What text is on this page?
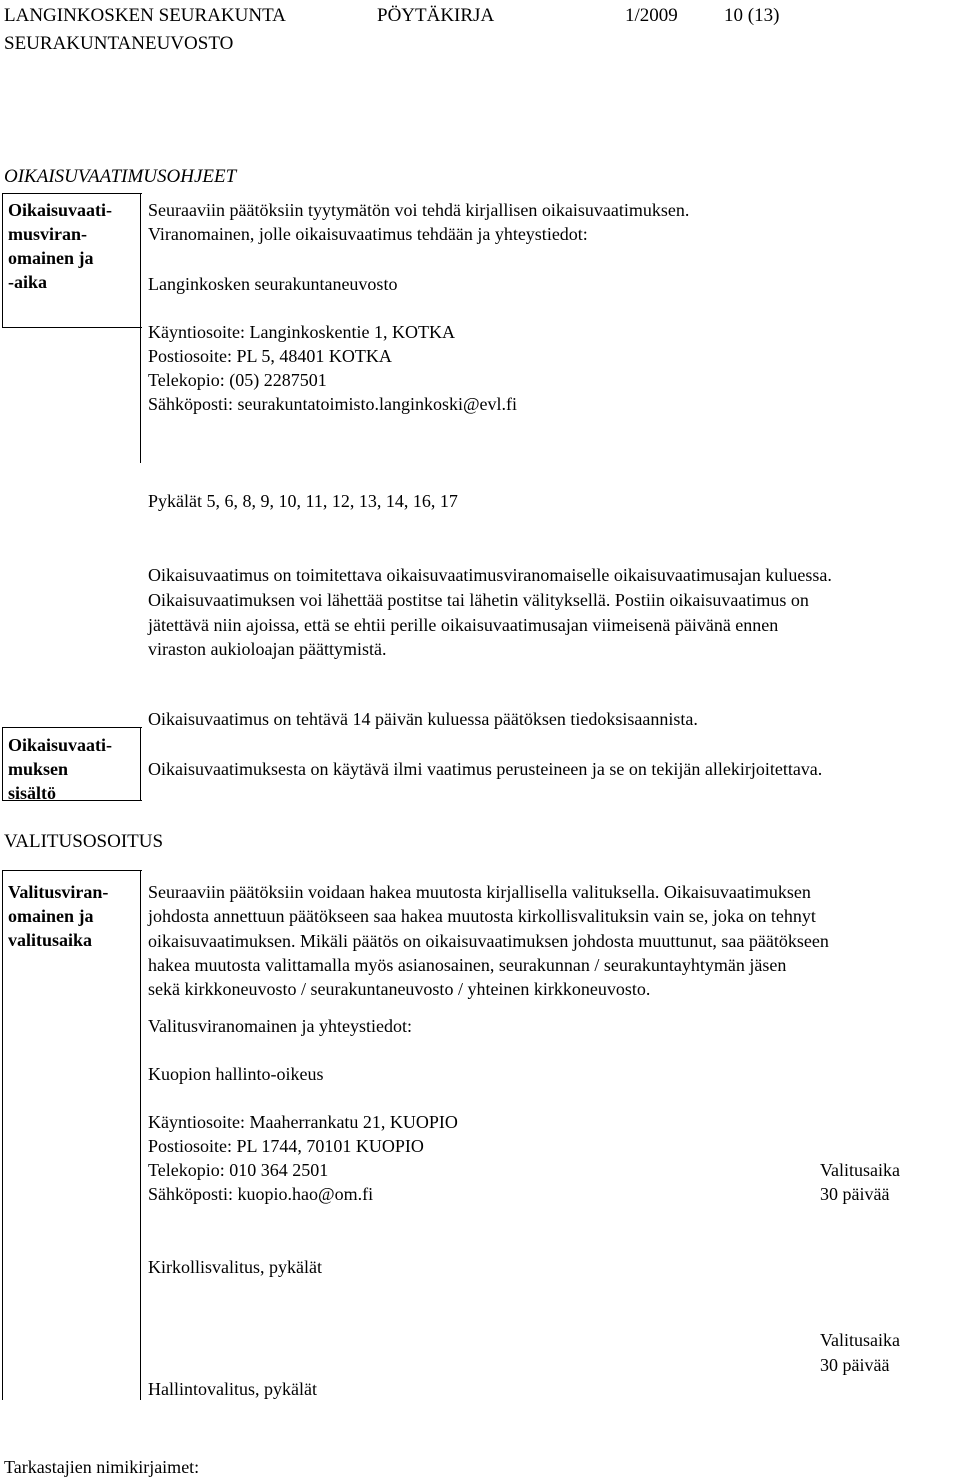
LANGINKOSKEN SEURAKUNTA	PÖYTÄKIRJA	1/2009 10 (13)
SEURAKUNTANEUVOSTO
OIKAISUVAATIMUSOHJEET
Oikaisuvaati-
musviran-
omainen ja
-aika
Seuraaviin päätöksiin tyytymätön voi tehdä kirjallisen oikaisuvaatimuksen.
Viranomainen, jolle oikaisuvaatimus tehdään ja yhteystiedot:
Langinkosken seurakuntaneuvosto
Käyntiosoite: Langinkoskentie 1, KOTKA
Postiosoite: PL 5, 48401 KOTKA
Telekopio: (05) 2287501
Sähköposti: seurakuntatoimisto.langinkoski@evl.fi
Pykälät 5, 6, 8, 9, 10, 11, 12, 13, 14, 16, 17
Oikaisuvaatimus on toimitettava oikaisuvaatimusviranomaiselle oikaisuvaatimusajan kuluessa.
Oikaisuvaatimuksen voi lähettää postitse tai lähetin välityksellä. Postiin oikaisuvaatimus on
jätettävä niin ajoissa, että se ehtii perille oikaisuvaatimusajan viimeisenä päivänä ennen
viraston aukioloajan päättymistä.
Oikaisuvaatimus on tehtävä 14 päivän kuluessa päätöksen tiedoksisaannista.
Oikaisuvaati-
muksen
sisältö
Oikaisuvaatimuksesta on käytävä ilmi vaatimus perusteineen ja se on tekijän allekirjoitettava.
VALITUSOSOITUS
Valitusviran-
omainen ja
valitusaika
Seuraaviin päätöksiin voidaan hakea muutosta kirjallisella valituksella. Oikaisuvaatimuksen
johdosta annettuun päätökseen saa hakea muutosta kirkollisvalituksin vain se, joka on tehnyt
oikaisuvaatimuksen. Mikäli päätös on oikaisuvaatimuksen johdosta muuttunut, saa päätökseen
hakea muutosta valittamalla myös asianosainen, seurakunnan / seurakuntayhtymän jäsen
sekä kirkkoneuvosto / seurakuntaneuvosto / yhteinen kirkkoneuvosto.
Valitusviranomainen ja yhteystiedot:
Kuopion hallinto-oikeus
Käyntiosoite: Maaherrankatu 21, KUOPIO
Postiosoite: PL 1744, 70101 KUOPIO
Telekopio: 010 364 2501
Sähköposti: kuopio.hao@om.fi
Valitusaika
30 päivää
Kirkollisvalitus, pykälät
Valitusaika
30 päivää
Hallintovalitus, pykälät
Tarkastajien nimikirjaimet:
